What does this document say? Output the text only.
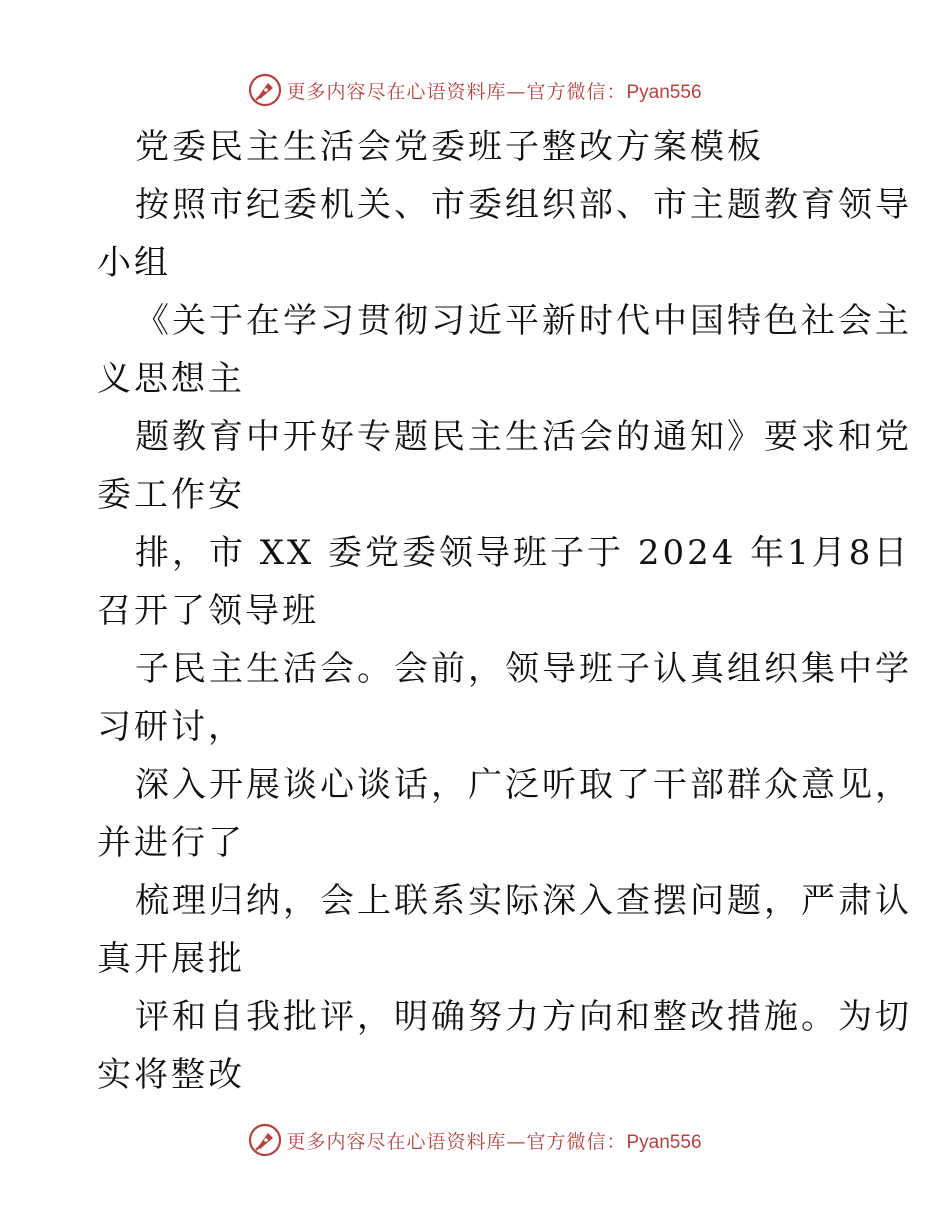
更多内容尽在心语资料库—官方微信：Pyan556
党委民主生活会党委班子整改方案模板
按照市纪委机关、市委组织部、市主题教育领导
小组
《关于在学习贯彻习近平新时代中国特色社会主
义思想主
题教育中开好专题民主生活会的通知》要求和党
委工作安
排，市 XX 委党委领导班子于 2024 年1月8日
召开了领导班
子民主生活会。会前，领导班子认真组织集中学
习研讨，
深入开展谈心谈话，广泛听取了干部群众意见，
并进行了
梳理归纳，会上联系实际深入查摆问题，严肃认
真开展批
评和自我批评，明确努力方向和整改措施。为切
实将整改
更多内容尽在心语资料库—官方微信：Pyan556
